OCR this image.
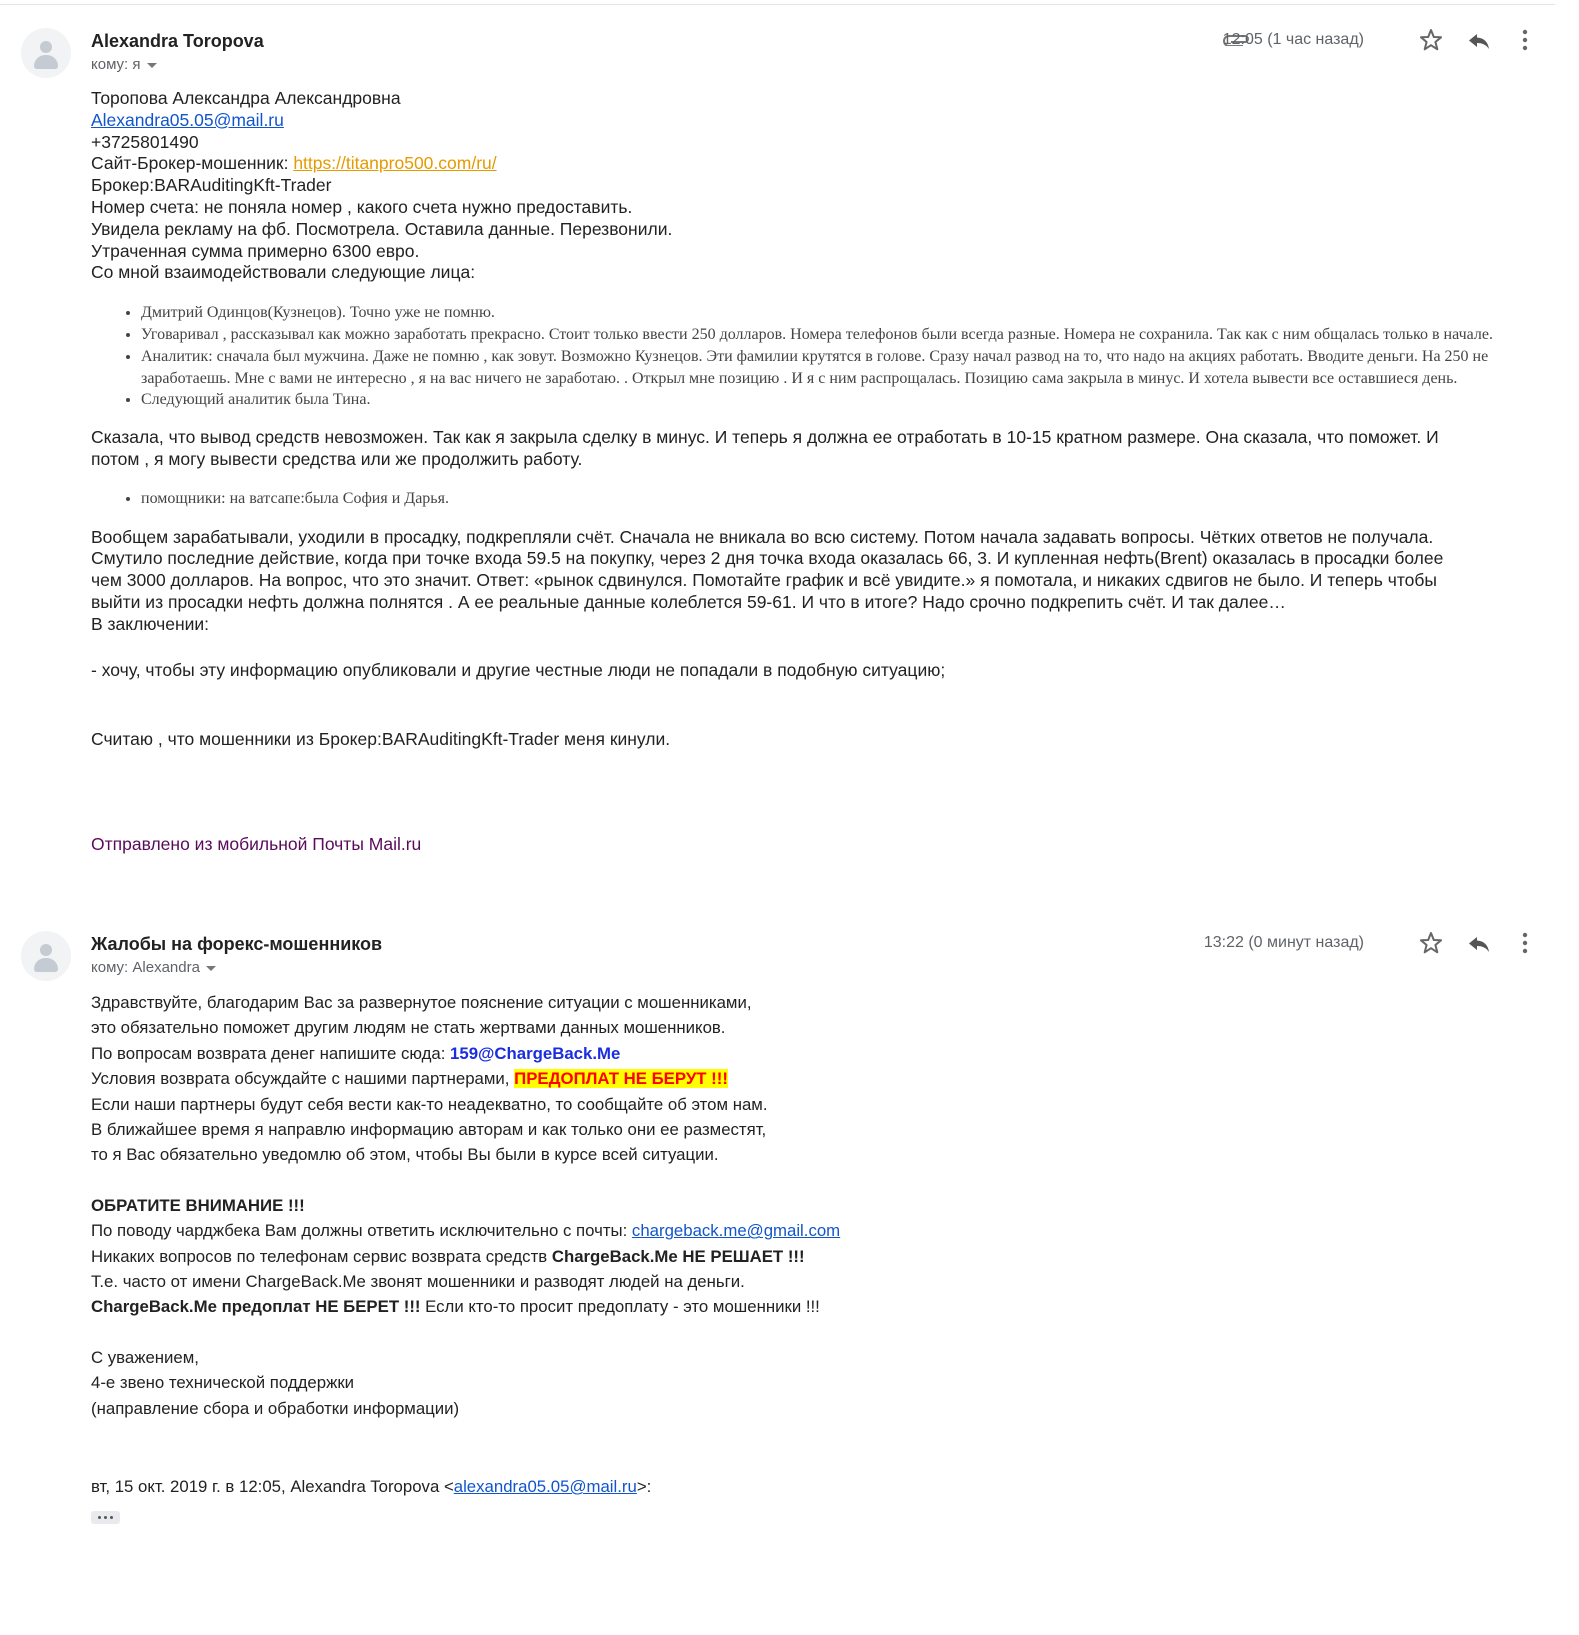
Alexandra Toropova
кому: я
12:05 (1 час назад)
Торопова Александра Александровна
Alexandra05.05@mail.ru
+3725801490
Сайт-Брокер-мошенник: https://titanpro500.com/ru/
Брокер:BARAuditingKft-Trader
Номер счета: не поняла номер , какого счета нужно предоставить.
Увидела рекламу на фб. Посмотрела. Оставила данные. Перезвонили.
Утраченная сумма примерно 6300 евро.
Со мной взаимодействовали следующие лица:
• Дмитрий Одинцов(Кузнецов). Точно уже не помню.
• Уговаривал , рассказывал как можно заработать прекрасно. Стоит только ввести 250 долларов. Номера телефонов были всегда разные. Номера не сохранила. Так как с ним общалась только в начале.
• Аналитик: сначала был мужчина. Даже не помню , как зовут. Возможно Кузнецов. Эти фамилии крутятся в голове. Сразу начал развод на то, что надо на акциях работать. Вводите деньги. На 250 не заработаешь. Мне с вами не интересно , я на вас ничего не заработаю. . Открыл мне позицию . И я с ним распрощалась. Позицию сама закрыла в минус. И хотела вывести все оставшиеся день.
• Следующий аналитик была Тина.
Сказала, что вывод средств невозможен. Так как я закрыла сделку в минус. И теперь я должна ее отработать в 10-15 кратном размере. Она сказала, что поможет. И
потом , я могу вывести средства или же продолжить работу.
• помощники: на ватсапе:была София и Дарья.
Вообщем зарабатывали, уходили в просадку, подкрепляли счёт. Сначала не вникала во всю систему. Потом начала задавать вопросы. Чётких ответов не получала.
Смутило последние действие, когда при точке входа 59.5 на покупку, через 2 дня точка входа оказалась 66, 3. И купленная нефть(Brent) оказалась в просадки более
чем 3000 долларов. На вопрос, что это значит. Ответ: «рынок сдвинулся. Помотайте график и всё увидите.» я помотала, и никаких сдвигов не было. И теперь чтобы
выйти из просадки нефть должна полнятся . А ее реальные данные колеблется 59-61. И что в итоге? Надо срочно подкрепить счёт. И так далее…
В заключении:
- хочу, чтобы эту информацию опубликовали и другие честные люди не попадали в подобную ситуацию;
Считаю , что мошенники из Брокер:BARAuditingKft-Trader меня кинули.
Отправлено из мобильной Почты Mail.ru
Жалобы на форекс-мошенников
кому: Alexandra
13:22 (0 минут назад)
Здравствуйте, благодарим Вас за развернутое пояснение ситуации с мошенниками,
это обязательно поможет другим людям не стать жертвами данных мошенников.
По вопросам возврата денег напишите сюда: 159@ChargeBack.Me
Условия возврата обсуждайте с нашими партнерами, ПРЕДОПЛАТ НЕ БЕРУТ !!!
Если наши партнеры будут себя вести как-то неадекватно, то сообщайте об этом нам.
В ближайшее время я направлю информацию авторам и как только они ее разместят,
то я Вас обязательно уведомлю об этом, чтобы Вы были в курсе всей ситуации.
ОБРАТИТЕ ВНИМАНИЕ !!!
По поводу чарджбека Вам должны ответить исключительно с почты: chargeback.me@gmail.com
Никаких вопросов по телефонам сервис возврата средств ChargeBack.Me НЕ РЕШАЕТ !!!
Т.е. часто от имени ChargeBack.Me звонят мошенники и разводят людей на деньги.
ChargeBack.Me предоплат НЕ БЕРЕТ !!! Если кто-то просит предоплату - это мошенники !!!
С уважением,
4-е звено технической поддержки
(направление сбора и обработки информации)
вт, 15 окт. 2019 г. в 12:05, Alexandra Toropova <alexandra05.05@mail.ru>:
